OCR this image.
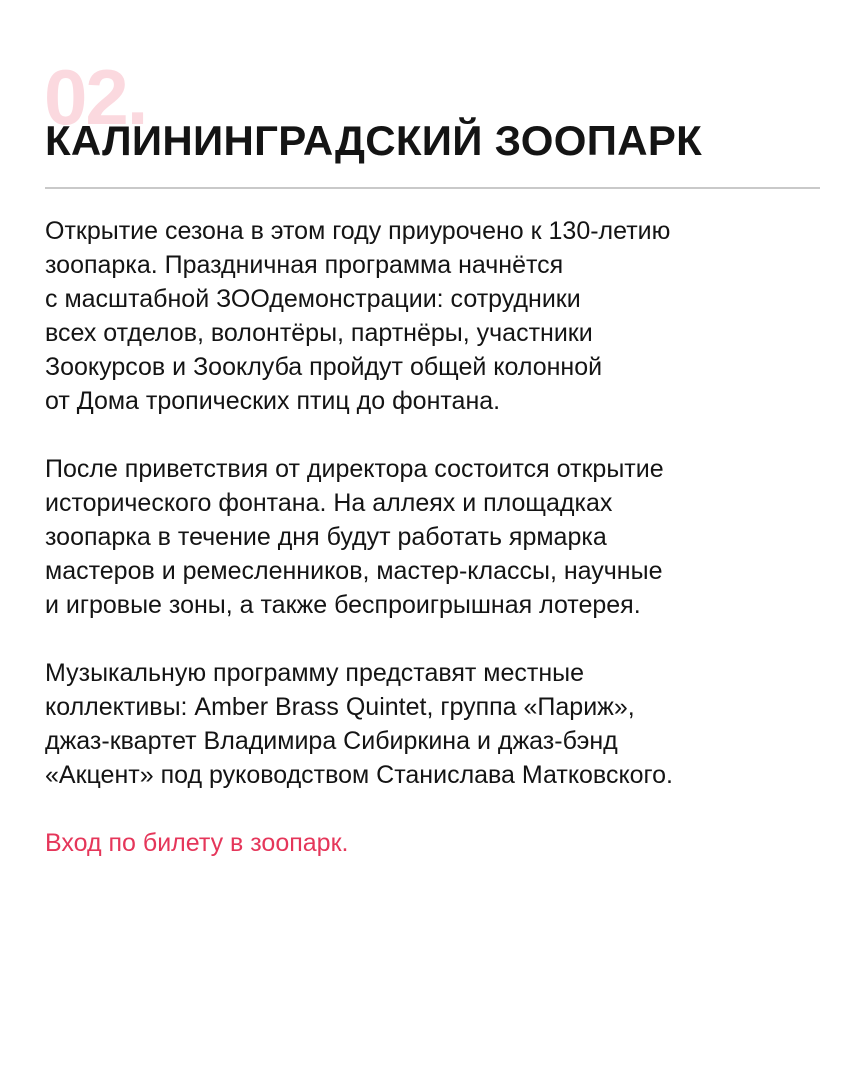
02.
КАЛИНИНГРАДСКИЙ ЗООПАРК

Открытие сезона в этом году приурочено к 130-летию
зоопарка. Праздничная программа начнётся
с масштабной ЗООдемонстрации: сотрудники
всех отделов, волонтёры, партнёры, участники
Зоокурсов и Зооклуба пройдут общей колонной
от Дома тропических птиц до фонтана.

После приветствия от директора состоится открытие
исторического фонтана. На аллеях и площадках
зоопарка в течение дня будут работать ярмарка
мастеров и ремесленников, мастер-классы, научные
и игровые зоны, а также беспроигрышная лотерея.

Музыкальную программу представят местные
коллективы: Amber Brass Quintet, группа «Париж»,
джаз-квартет Владимира Сибиркина и джаз-бэнд
«Акцент» под руководством Станислава Матковского.

Вход по билету в зоопарк.
